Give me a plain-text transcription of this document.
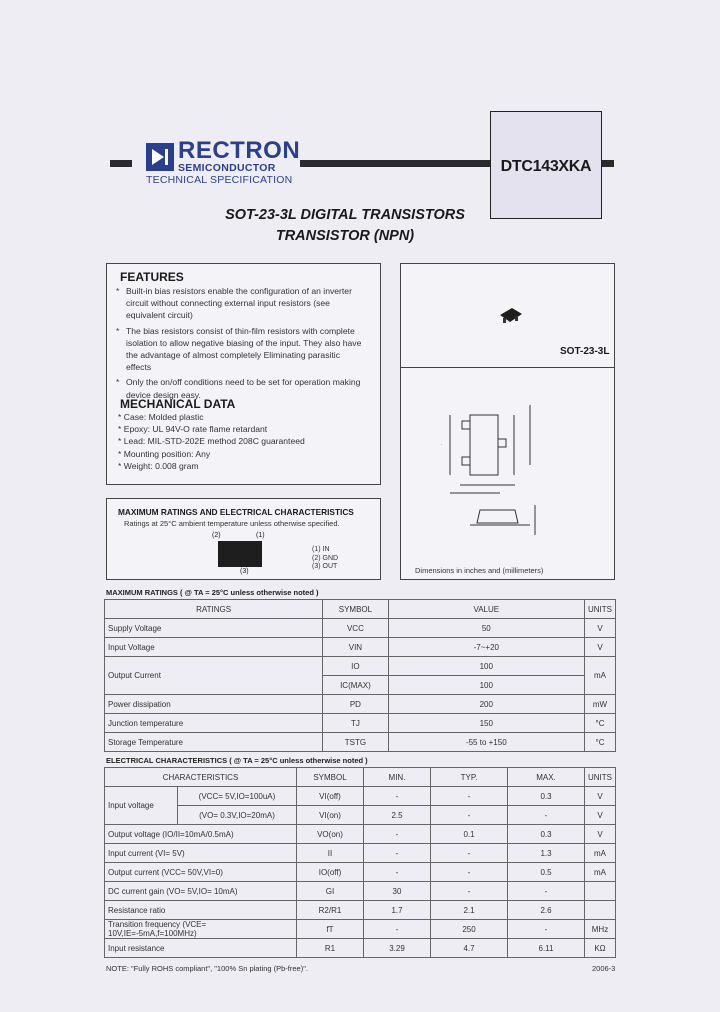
RECTRON
SEMICONDUCTOR
TECHNICAL SPECIFICATION
DTC143XKA
SOT-23-3L DIGITAL TRANSISTORS
TRANSISTOR (NPN)
FEATURES
* Built-in bias resistors enable the configuration of an inverter circuit without connecting external input resistors (see equivalent circuit)
* The bias resistors consist of thin-film resistors with complete isolation to allow negative biasing of the input. They also have the advantage of almost completely Eliminating parasitic effects
* Only the on/off conditions need to be set for operation making device design easy.
MECHANICAL DATA
* Case: Molded plastic
* Epoxy: UL 94V-O rate flame retardant
* Lead: MIL-STD-202E method 208C guaranteed
* Mounting position: Any
* Weight: 0.008 gram
SOT-23-3L
.
Dimensions in inches and (millimeters)
MAXIMUM RATINGS AND ELECTRICAL CHARACTERISTICS
Ratings at 25°C ambient temperature unless otherwise specified.
(2)	(1)
(3)
(1) IN
(2) GND
(3) OUT
MAXIMUM RATINGS ( @ TA = 25°C unless otherwise noted )
RATINGS	SYMBOL	VALUE	UNITS
Supply Voltage	VCC	50	V
Input Voltage	VIN	-7~+20	V
Output Current	IO	100	mA
	IC(MAX)	100	
Power dissipation	PD	200	mW
Junction temperature	TJ	150	°C
Storage Temperature	TSTG	-55 to +150	°C
ELECTRICAL CHARACTERISTICS ( @ TA = 25°C unless otherwise noted )
CHARACTERISTICS		SYMBOL	MIN.	TYP.	MAX.	UNITS
Input voltage	(VCC= 5V,IO=100uA)	VI(off)	-	-	0.3	V
	(VO= 0.3V,IO=20mA)	VI(on)	2.5	-	-	V
Output voltage (IO/II=10mA/0.5mA)		VO(on)	-	0.1	0.3	V
Input current (VI= 5V)		II	-	-	1.3	mA
Output current (VCC= 50V,VI=0)		IO(off)	-	-	0.5	mA
DC current gain (VO= 5V,IO= 10mA)		GI	30	-	-	
Resistance ratio		R2/R1	1.7	2.1	2.6	
Transition frequency (VCE= 10V,IE=-5mA,f=100MHz)		fT	-	250	-	MHz
Input resistance		R1	3.29	4.7	6.11	KΩ
NOTE: "Fully ROHS compliant", "100% Sn plating (Pb-free)".	2006-3
